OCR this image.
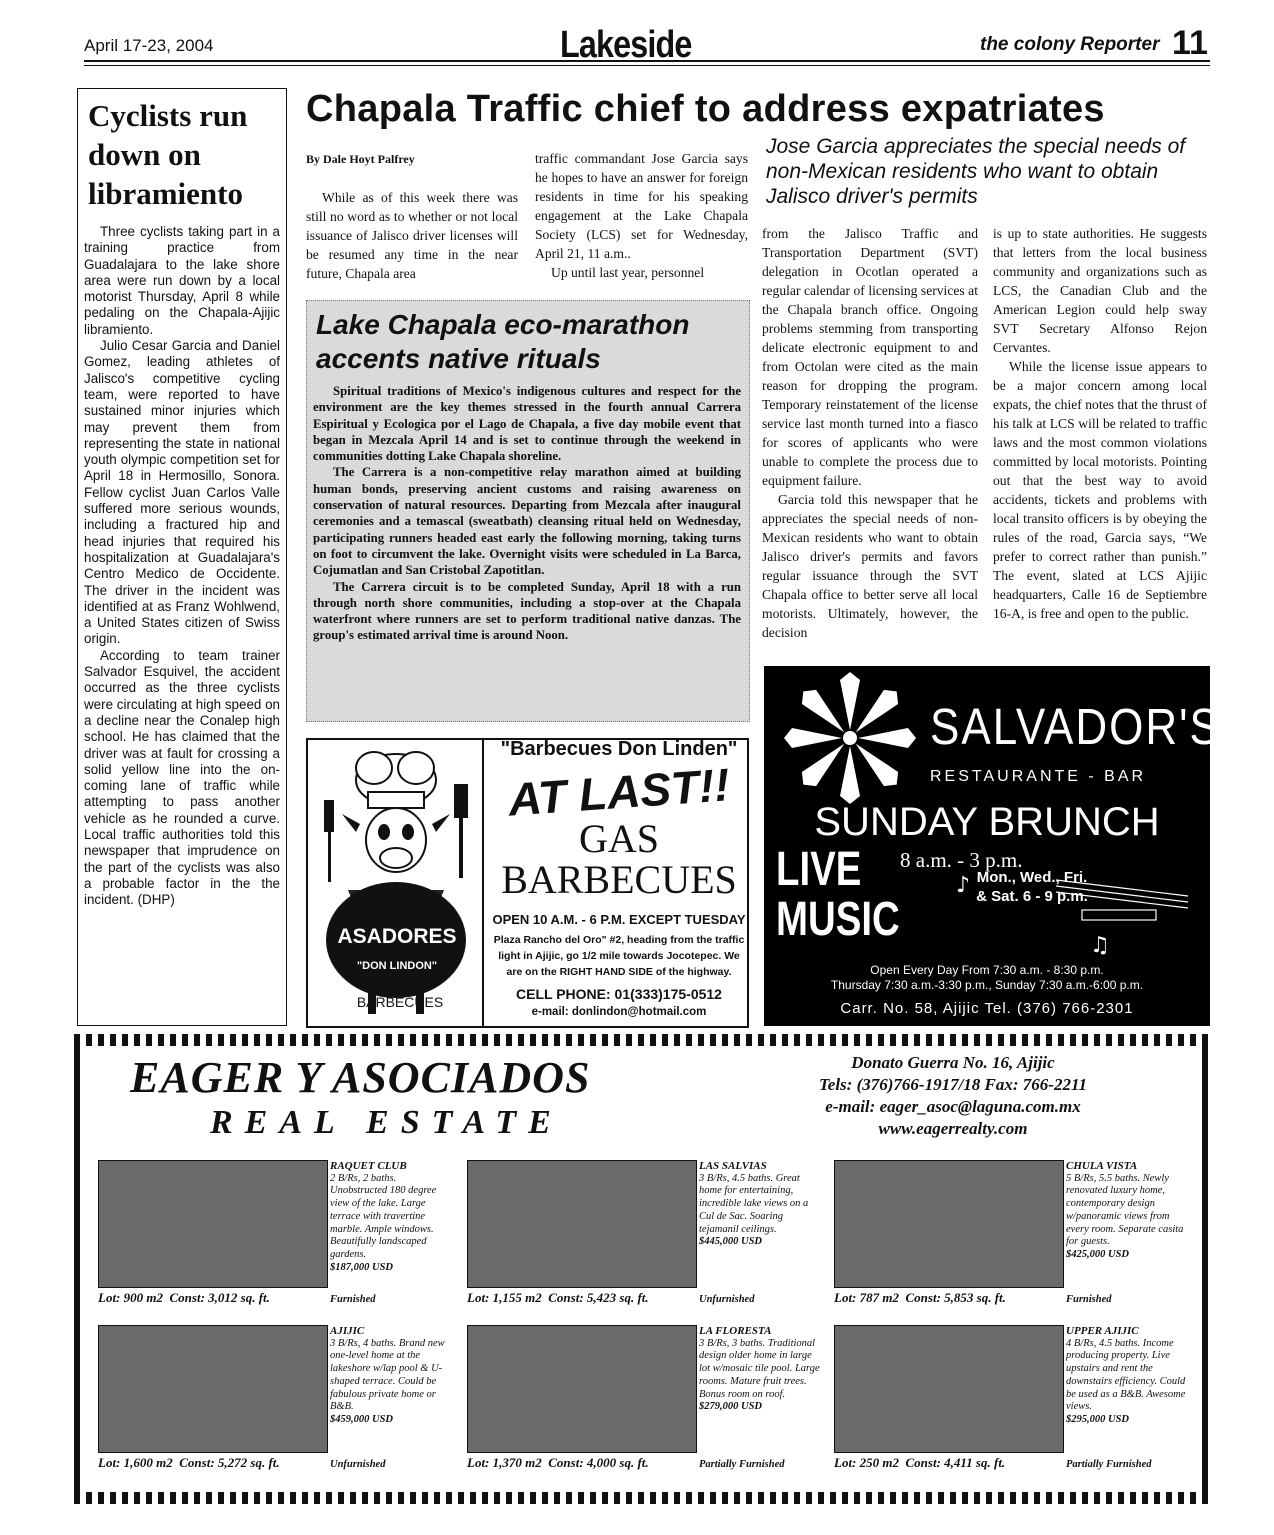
April 17-23, 2004	Lakeside	the colony Reporter 11
Cyclists run down on libramiento

Three cyclists taking part in a training practice from Guadalajara to the lake shore area were run down by a local motorist Thursday, April 8 while pedaling on the Chapala-Ajijic libramiento.

Julio Cesar Garcia and Daniel Gomez, leading athletes of Jalisco's competitive cycling team, were reported to have sustained minor injuries which may prevent them from representing the state in national youth olympic competition set for April 18 in Hermosillo, Sonora. Fellow cyclist Juan Carlos Valle suffered more serious wounds, including a fractured hip and head injuries that required his hospitalization at Guadalajara's Centro Medico de Occidente. The driver in the incident was identified at as Franz Wohlwend, a United States citizen of Swiss origin.

According to team trainer Salvador Esquivel, the accident occurred as the three cyclists were circulating at high speed on a decline near the Conalep high school. He has claimed that the driver was at fault for crossing a solid yellow line into the on-coming lane of traffic while attempting to pass another vehicle as he rounded a curve. Local traffic authorities told this newspaper that imprudence on the part of the cyclists was also a probable factor in the the incident. (DHP)

Chapala Traffic chief to address expatriates
By Dale Hoyt Palfrey

While as of this week there was still no word as to whether or not local issuance of Jalisco driver licenses will be resumed any time in the near future, Chapala area

traffic commandant Jose Garcia says he hopes to have an answer for foreign residents in time for his speaking engagement at the Lake Chapala Society (LCS) set for Wednesday, April 21, 11 a.m..

Up until last year, personnel

Jose Garcia appreciates the special needs of non-Mexican residents who want to obtain Jalisco driver's permits

from the Jalisco Traffic and Transportation Department (SVT) delegation in Ocotlan operated a regular calendar of licensing services at the Chapala branch office. Ongoing problems stemming from transporting delicate electronic equipment to and from Octolan were cited as the main reason for dropping the program. Temporary reinstatement of the license service last month turned into a fiasco for scores of applicants who were unable to complete the process due to equipment failure.

Garcia told this newspaper that he appreciates the special needs of non-Mexican residents who want to obtain Jalisco driver's permits and favors regular issuance through the SVT Chapala office to better serve all local motorists. Ultimately, however, the decision

is up to state authorities. He suggests that letters from the local business community and organizations such as LCS, the Canadian Club and the American Legion could help sway SVT Secretary Alfonso Rejon Cervantes.

While the license issue appears to be a major concern among local expats, the chief notes that the thrust of his talk at LCS will be related to traffic laws and the most common violations committed by local motorists. Pointing out that the best way to avoid accidents, tickets and problems with local transito officers is by obeying the rules of the road, Garcia says, “We prefer to correct rather than punish.” The event, slated at LCS Ajijic headquarters, Calle 16 de Septiembre 16-A, is free and open to the public.

Lake Chapala eco-marathon accents native rituals

Spiritual traditions of Mexico's indigenous cultures and respect for the environment are the key themes stressed in the fourth annual Carrera Espiritual y Ecologica por el Lago de Chapala, a five day mobile event that began in Mezcala April 14 and is set to continue through the weekend in communities dotting Lake Chapala shoreline.

The Carrera is a non-competitive relay marathon aimed at building human bonds, preserving ancient customs and raising awareness on conservation of natural resources. Departing from Mezcala after inaugural ceremonies and a temascal (sweatbath) cleansing ritual held on Wednesday, participating runners headed east early the following morning, taking turns on foot to circumvent the lake. Overnight visits were scheduled in La Barca, Cojumatlan and San Cristobal Zapotitlan.

The Carrera circuit is to be completed Sunday, April 18 with a run through north shore communities, including a stop-over at the Chapala waterfront where runners are set to perform traditional native danzas. The group's estimated arrival time is around Noon.

ASADORES
"DON LINDON"
BARBECUES
"Barbecues Don Linden"
AT LAST!!
GAS
BARBECUES
OPEN 10 A.M. - 6 P.M. EXCEPT TUESDAY
Plaza Rancho del Oro" #2, heading from the traffic light in Ajijic, go 1/2 mile towards Jocotepec. We are on the RIGHT HAND SIDE of the highway.
CELL PHONE: 01(333)175-0512
e-mail: donlindon@hotmail.com
♪
♫
SALVADOR'S
RESTAURANTE - BAR
SUNDAY BRUNCH
8 a.m. - 3 p.m.
LIVE MUSIC
Mon., Wed., Fri. & Sat. 6 - 9 p.m.
Open Every Day From 7:30 a.m. - 8:30 p.m.
Thursday 7:30 a.m.-3:30 p.m., Sunday 7:30 a.m.-6:00 p.m.
Carr. No. 58, Ajijic Tel. (376) 766-2301
EAGER Y ASOCIADOS
REAL ESTATE
Donato Guerra No. 16, Ajijic
Tels: (376)766-1917/18 Fax: 766-2211
e-mail: eager_asoc@laguna.com.mx
www.eagerrealty.com
RAQUET CLUB
2 B/Rs, 2 baths. Unobstructed 180 degree view of the lake. Large terrace with travertine marble. Ample windows. Beautifully landscaped gardens.
$187,000 USD
Furnished
Lot: 900 m2  Const: 3,012 sq. ft.
LAS SALVIAS
3 B/Rs, 4.5 baths. Great home for entertaining, incredible lake views on a Cul de Sac. Soaring tejamanil ceilings.
$445,000 USD
Unfurnished
Lot: 1,155 m2  Const: 5,423 sq. ft.
CHULA VISTA
5 B/Rs, 5.5 baths. Newly renovated luxury home, contemporary design w/panoramic views from every room. Separate casita for guests.
$425,000 USD
Furnished
Lot: 787 m2  Const: 5,853 sq. ft.
AJIJIC
3 B/Rs, 4 baths. Brand new one-level home at the lakeshore w/lap pool & U-shaped terrace. Could be fabulous private home or B&B.
$459,000 USD
Unfurnished
Lot: 1,600 m2  Const: 5,272 sq. ft.
LA FLORESTA
3 B/Rs, 3 baths. Traditional design older home in large lot w/mosaic tile pool. Large rooms. Mature fruit trees. Bonus room on roof.
$279,000 USD
Partially Furnished
Lot: 1,370 m2  Const: 4,000 sq. ft.
UPPER AJIJIC
4 B/Rs, 4.5 baths. Income producing property. Live upstairs and rent the downstairs efficiency. Could be used as a B&B. Awesome views.
$295,000 USD
Partially Furnished
Lot: 250 m2  Const: 4,411 sq. ft.
